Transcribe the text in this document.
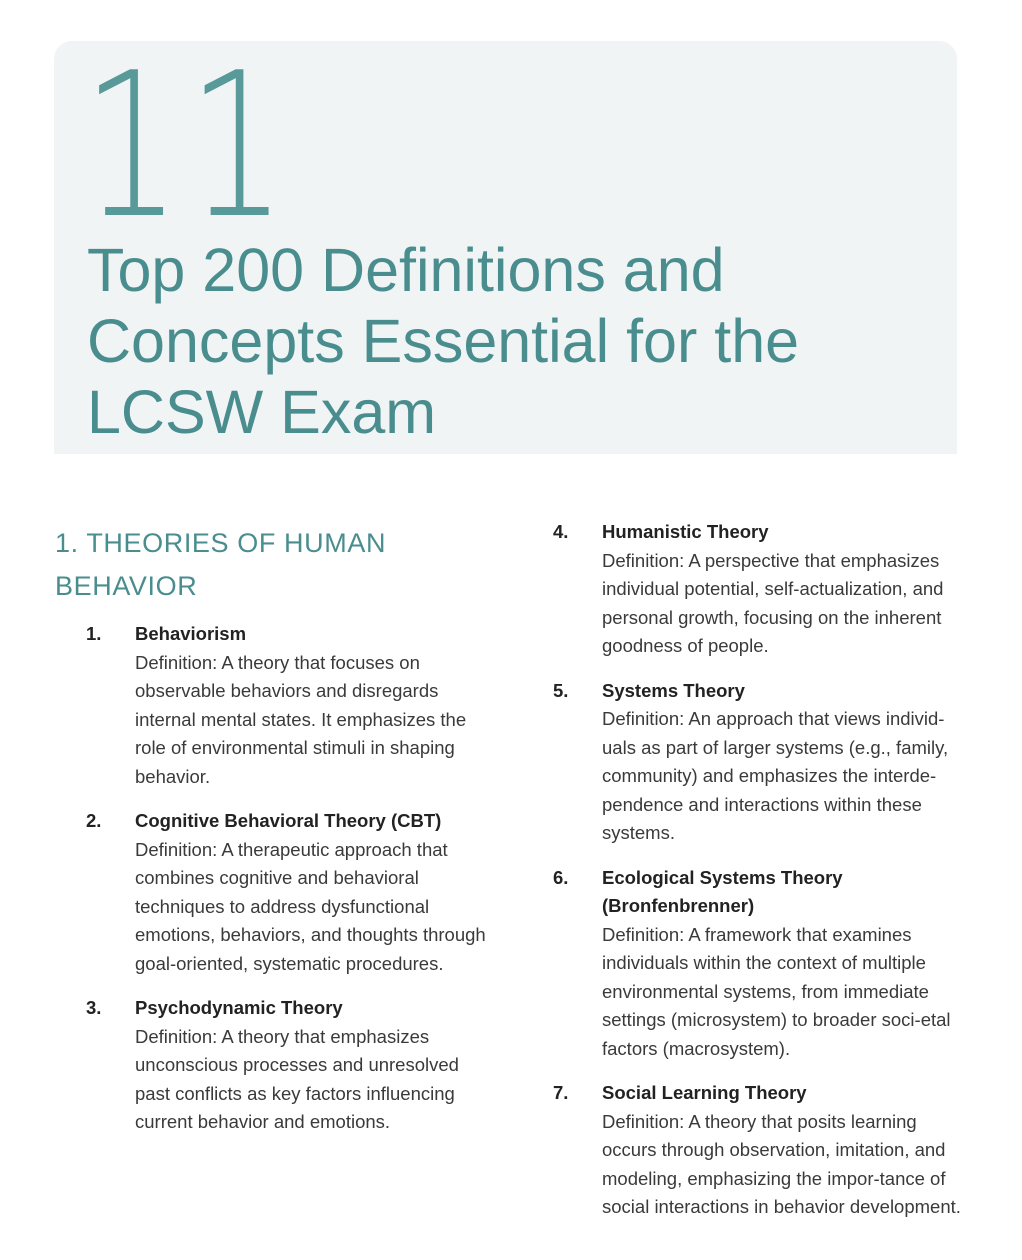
11
Top 200 Definitions and Concepts Essential for the LCSW Exam
1. THEORIES OF HUMAN BEHAVIOR
1. Behaviorism
Definition: A theory that focuses on observable behaviors and disregards internal mental states. It emphasizes the role of environmental stimuli in shaping behavior.
2. Cognitive Behavioral Theory (CBT)
Definition: A therapeutic approach that combines cognitive and behavioral techniques to address dysfunctional emotions, behaviors, and thoughts through goal-oriented, systematic procedures.
3. Psychodynamic Theory
Definition: A theory that emphasizes unconscious processes and unresolved past conflicts as key factors influencing current behavior and emotions.
4. Humanistic Theory
Definition: A perspective that emphasizes individual potential, self-actualization, and personal growth, focusing on the inherent goodness of people.
5. Systems Theory
Definition: An approach that views individ-uals as part of larger systems (e.g., family, community) and emphasizes the interde-pendence and interactions within these systems.
6. Ecological Systems Theory (Bronfenbrenner)
Definition: A framework that examines individuals within the context of multiple environmental systems, from immediate settings (microsystem) to broader soci-etal factors (macrosystem).
7. Social Learning Theory
Definition: A theory that posits learning occurs through observation, imitation, and modeling, emphasizing the impor-tance of social interactions in behavior development.
